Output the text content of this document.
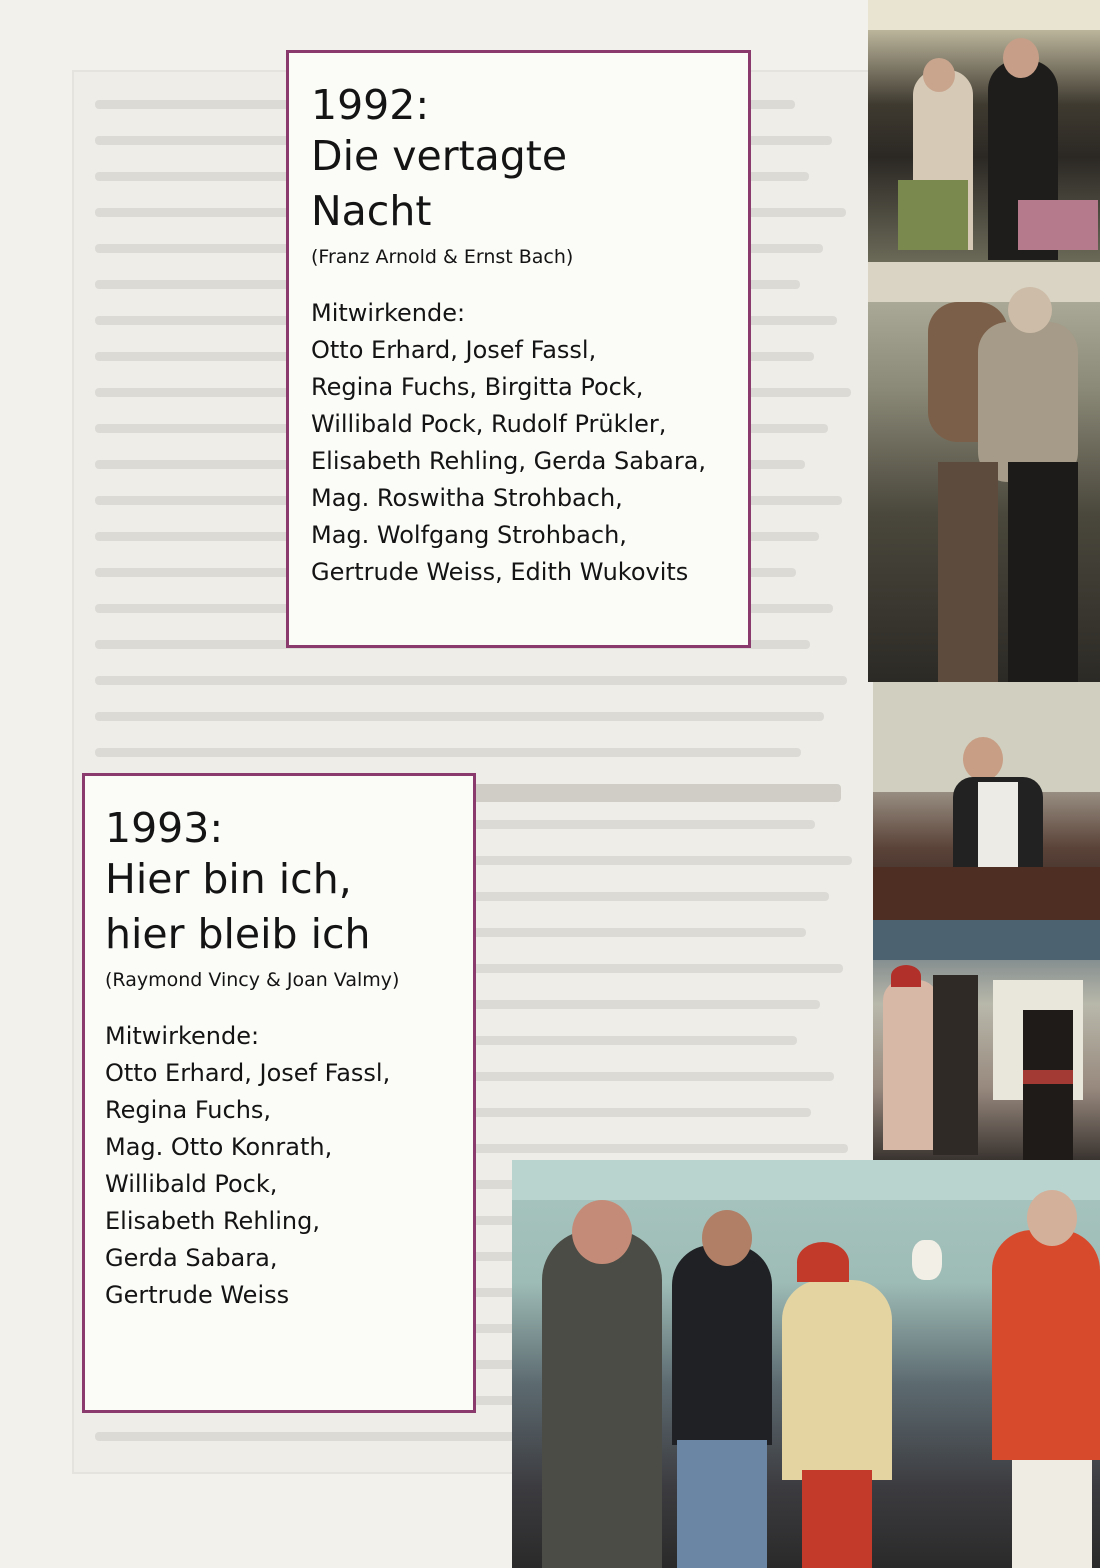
1992:
Die vertagte
Nacht

(Franz Arnold & Ernst Bach)

Mitwirkende:

Otto Erhard, Josef Fassl,
Regina Fuchs, Birgitta Pock,
Willibald Pock, Rudolf Prükler,
Elisabeth Rehling, Gerda Sabara,
Mag. Roswitha Strohbach,
Mag. Wolfgang Strohbach,
Gertrude Weiss, Edith Wukovits
1993:
Hier bin ich,
hier bleib ich

(Raymond Vincy & Joan Valmy)

Mitwirkende:

Otto Erhard, Josef Fassl,
Regina Fuchs,
Mag. Otto Konrath,
Willibald Pock,
Elisabeth Rehling,
Gerda Sabara,
Gertrude Weiss
